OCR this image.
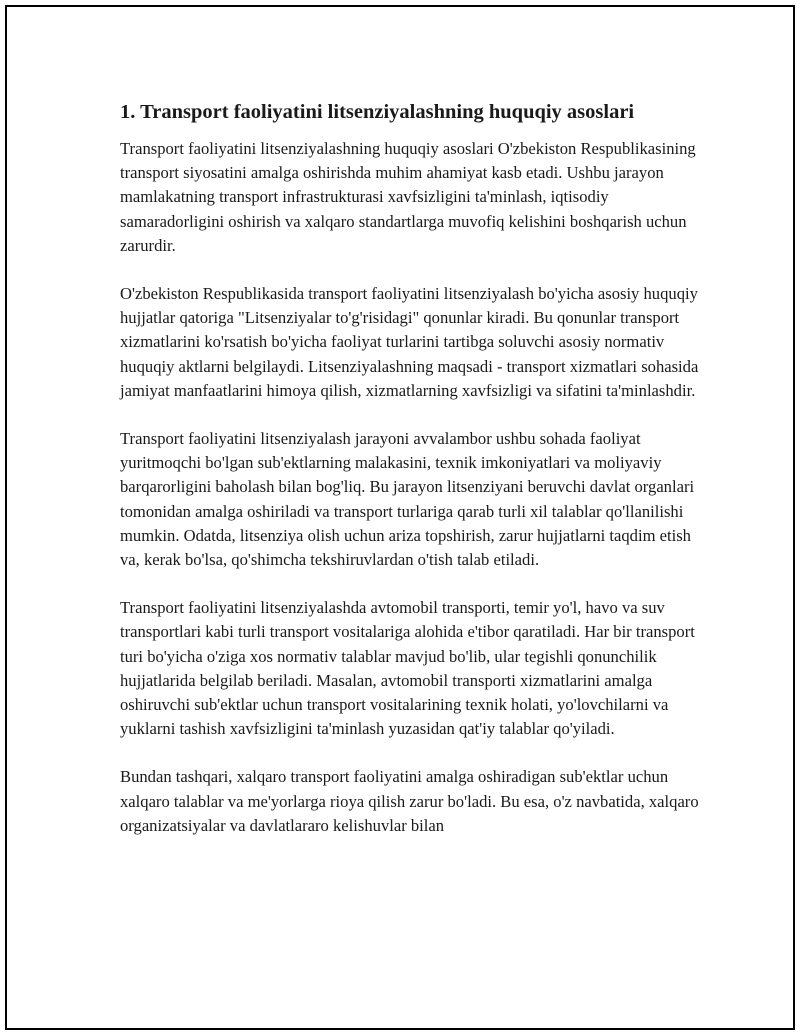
1. Transport faoliyatini litsenziyalashning huquqiy asoslari

Transport faoliyatini litsenziyalashning huquqiy asoslari O'zbekiston Respublikasining transport siyosatini amalga oshirishda muhim ahamiyat kasb etadi. Ushbu jarayon mamlakatning transport infrastrukturasi xavfsizligini ta'minlash, iqtisodiy samaradorligini oshirish va xalqaro standartlarga muvofiq kelishini boshqarish uchun zarurdir.

O'zbekiston Respublikasida transport faoliyatini litsenziyalash bo'yicha asosiy huquqiy hujjatlar qatoriga "Litsenziyalar to'g'risidagi" qonunlar kiradi. Bu qonunlar transport xizmatlarini ko'rsatish bo'yicha faoliyat turlarini tartibga soluvchi asosiy normativ huquqiy aktlarni belgilaydi. Litsenziyalashning maqsadi - transport xizmatlari sohasida jamiyat manfaatlarini himoya qilish, xizmatlarning xavfsizligi va sifatini ta'minlashdir.

Transport faoliyatini litsenziyalash jarayoni avvalambor ushbu sohada faoliyat yuritmoqchi bo'lgan sub'ektlarning malakasini, texnik imkoniyatlari va moliyaviy barqarorligini baholash bilan bog'liq. Bu jarayon litsenziyani beruvchi davlat organlari tomonidan amalga oshiriladi va transport turlariga qarab turli xil talablar qo'llanilishi mumkin. Odatda, litsenziya olish uchun ariza topshirish, zarur hujjatlarni taqdim etish va, kerak bo'lsa, qo'shimcha tekshiruvlardan o'tish talab etiladi.

Transport faoliyatini litsenziyalashda avtomobil transporti, temir yo'l, havo va suv transportlari kabi turli transport vositalariga alohida e'tibor qaratiladi. Har bir transport turi bo'yicha o'ziga xos normativ talablar mavjud bo'lib, ular tegishli qonunchilik hujjatlarida belgilab beriladi. Masalan, avtomobil transporti xizmatlarini amalga oshiruvchi sub'ektlar uchun transport vositalarining texnik holati, yo'lovchilarni va yuklarni tashish xavfsizligini ta'minlash yuzasidan qat'iy talablar qo'yiladi.

Bundan tashqari, xalqaro transport faoliyatini amalga oshiradigan sub'ektlar uchun xalqaro talablar va me'yorlarga rioya qilish zarur bo'ladi. Bu esa, o'z navbatida, xalqaro organizatsiyalar va davlatlararo kelishuvlar bilan
